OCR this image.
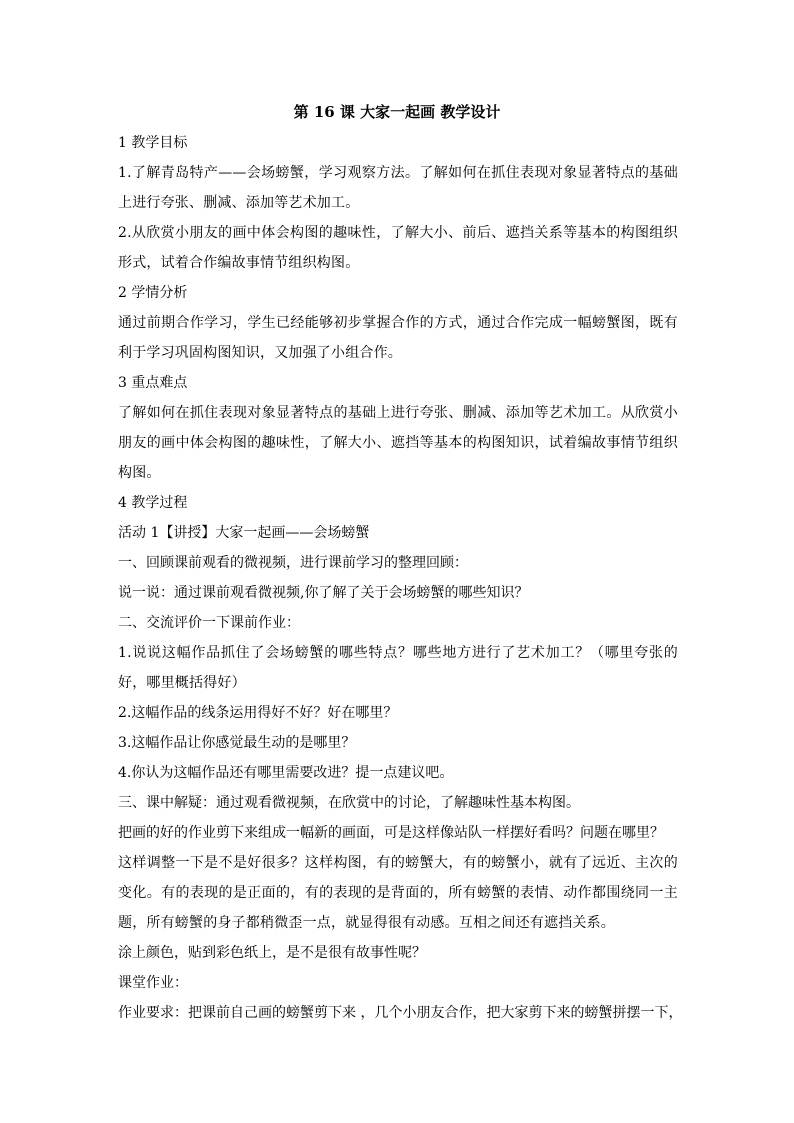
第 16 课 大家一起画 教学设计

1 教学目标

1.了解青岛特产——会场螃蟹，学习观察方法。了解如何在抓住表现对象显著特点的基础上进行夸张、删减、添加等艺术加工。

2.从欣赏小朋友的画中体会构图的趣味性，了解大小、前后、遮挡关系等基本的构图组织形式，试着合作编故事情节组织构图。

2 学情分析

通过前期合作学习，学生已经能够初步掌握合作的方式，通过合作完成一幅螃蟹图，既有利于学习巩固构图知识，又加强了小组合作。

3 重点难点

了解如何在抓住表现对象显著特点的基础上进行夸张、删减、添加等艺术加工。从欣赏小朋友的画中体会构图的趣味性，了解大小、遮挡等基本的构图知识，试着编故事情节组织构图。

4 教学过程

活动 1【讲授】大家一起画——会场螃蟹

一、回顾课前观看的微视频，进行课前学习的整理回顾：

说一说：通过课前观看微视频,你了解了关于会场螃蟹的哪些知识？

二、交流评价一下课前作业：

1.说说这幅作品抓住了会场螃蟹的哪些特点？哪些地方进行了艺术加工？（哪里夸张的好，哪里概括得好）

2.这幅作品的线条运用得好不好？好在哪里？

3.这幅作品让你感觉最生动的是哪里？

4.你认为这幅作品还有哪里需要改进？提一点建议吧。

三、课中解疑：通过观看微视频，在欣赏中的讨论，了解趣味性基本构图。

把画的好的作业剪下来组成一幅新的画面，可是这样像站队一样摆好看吗？问题在哪里？

这样调整一下是不是好很多？这样构图，有的螃蟹大，有的螃蟹小，就有了远近、主次的变化。有的表现的是正面的，有的表现的是背面的，所有螃蟹的表情、动作都围绕同一主题，所有螃蟹的身子都稍微歪一点，就显得很有动感。互相之间还有遮挡关系。

涂上颜色，贴到彩色纸上，是不是很有故事性呢？

课堂作业：

作业要求：把课前自己画的螃蟹剪下来 ，几个小朋友合作，把大家剪下来的螃蟹拼摆一下，
